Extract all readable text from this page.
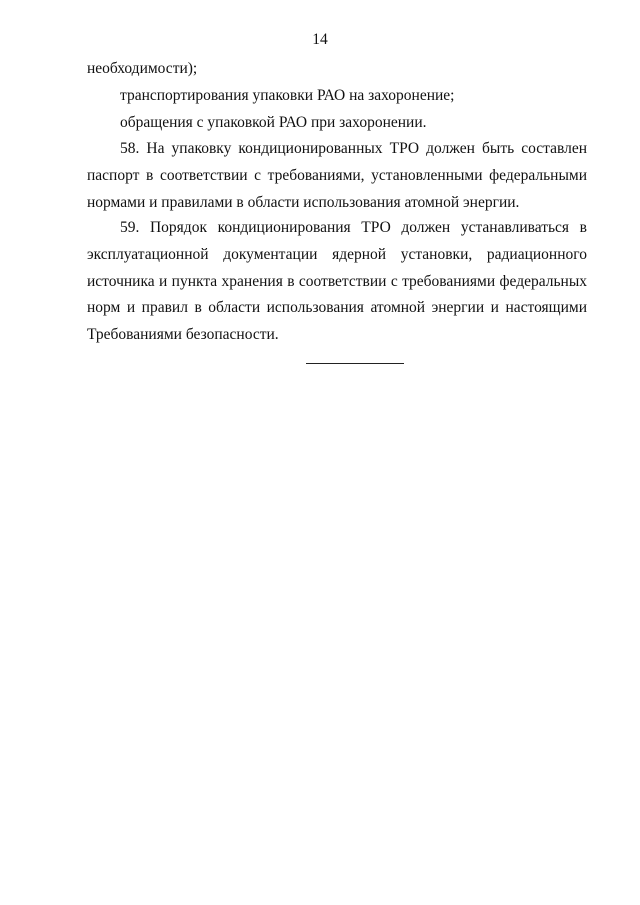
14
необходимости);
транспортирования упаковки РАО на захоронение;
обращения с упаковкой РАО при захоронении.
58. На упаковку кондиционированных ТРО должен быть составлен
паспорт в соответствии с требованиями, установленными федеральными
нормами и правилами в области использования атомной энергии.
59. Порядок кондиционирования ТРО должен устанавливаться в
эксплуатационной документации ядерной установки, радиационного
источника и пункта хранения в соответствии с требованиями федеральных
норм и правил в области использования атомной энергии и настоящими
Требованиями безопасности.
